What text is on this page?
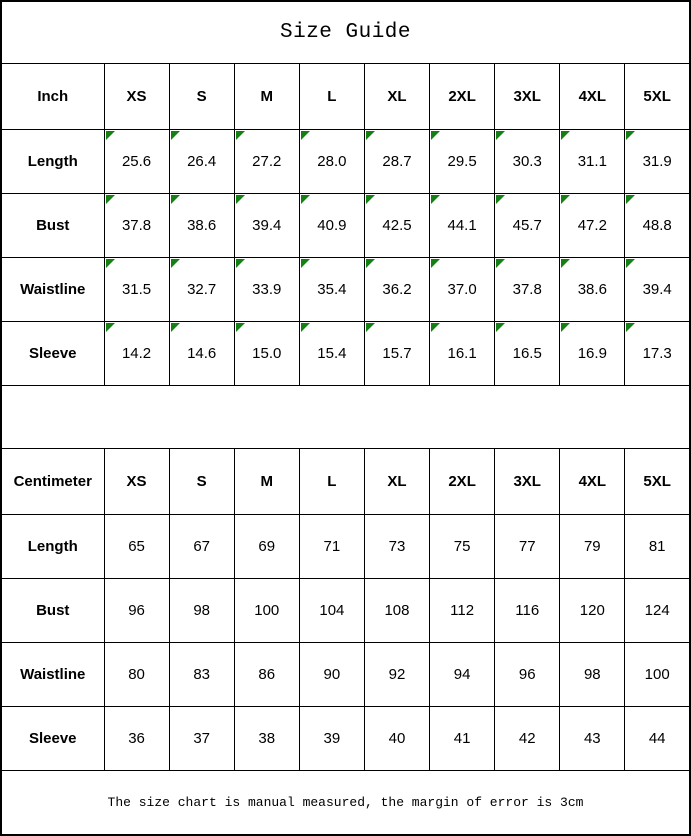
Size Guide									
Inch	XS	S	M	L	XL	2XL	3XL	4XL	5XL
Length	25.6	26.4	27.2	28.0	28.7	29.5	30.3	31.1	31.9
Bust	37.8	38.6	39.4	40.9	42.5	44.1	45.7	47.2	48.8
Waistline	31.5	32.7	33.9	35.4	36.2	37.0	37.8	38.6	39.4
Sleeve	14.2	14.6	15.0	15.4	15.7	16.1	16.5	16.9	17.3

Centimeter	XS	S	M	L	XL	2XL	3XL	4XL	5XL
Length	65	67	69	71	73	75	77	79	81
Bust	96	98	100	104	108	112	116	120	124
Waistline	80	83	86	90	92	94	96	98	100
Sleeve	36	37	38	39	40	41	42	43	44
The size chart is manual measured, the margin of error is 3cm									
